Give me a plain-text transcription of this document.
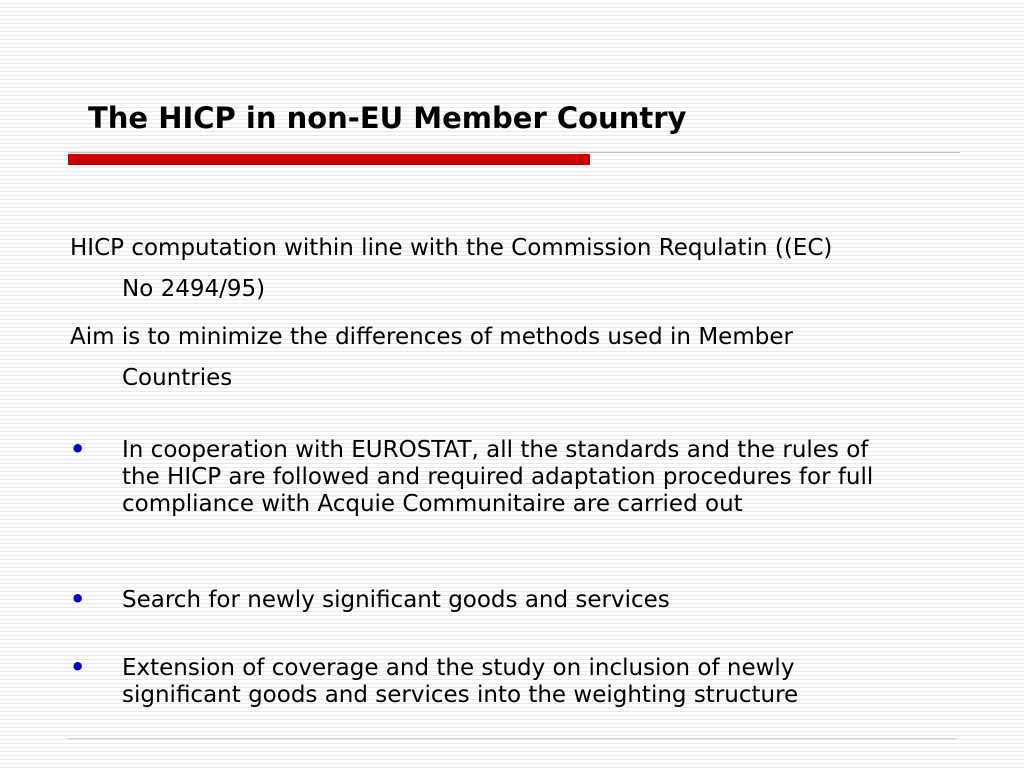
The HICP in non-EU Member Country
HICP computation within line with the Commission Requlatin ((EC)
No 2494/95)
Aim is to minimize the differences of methods used in Member
Countries
• In cooperation with EUROSTAT, all the standards and the rules of the HICP are followed and required adaptation procedures for full compliance with Acquie Communitaire are carried out
• Search for newly significant goods and services
• Extension of coverage and the study on inclusion of newly significant goods and services into the weighting structure
